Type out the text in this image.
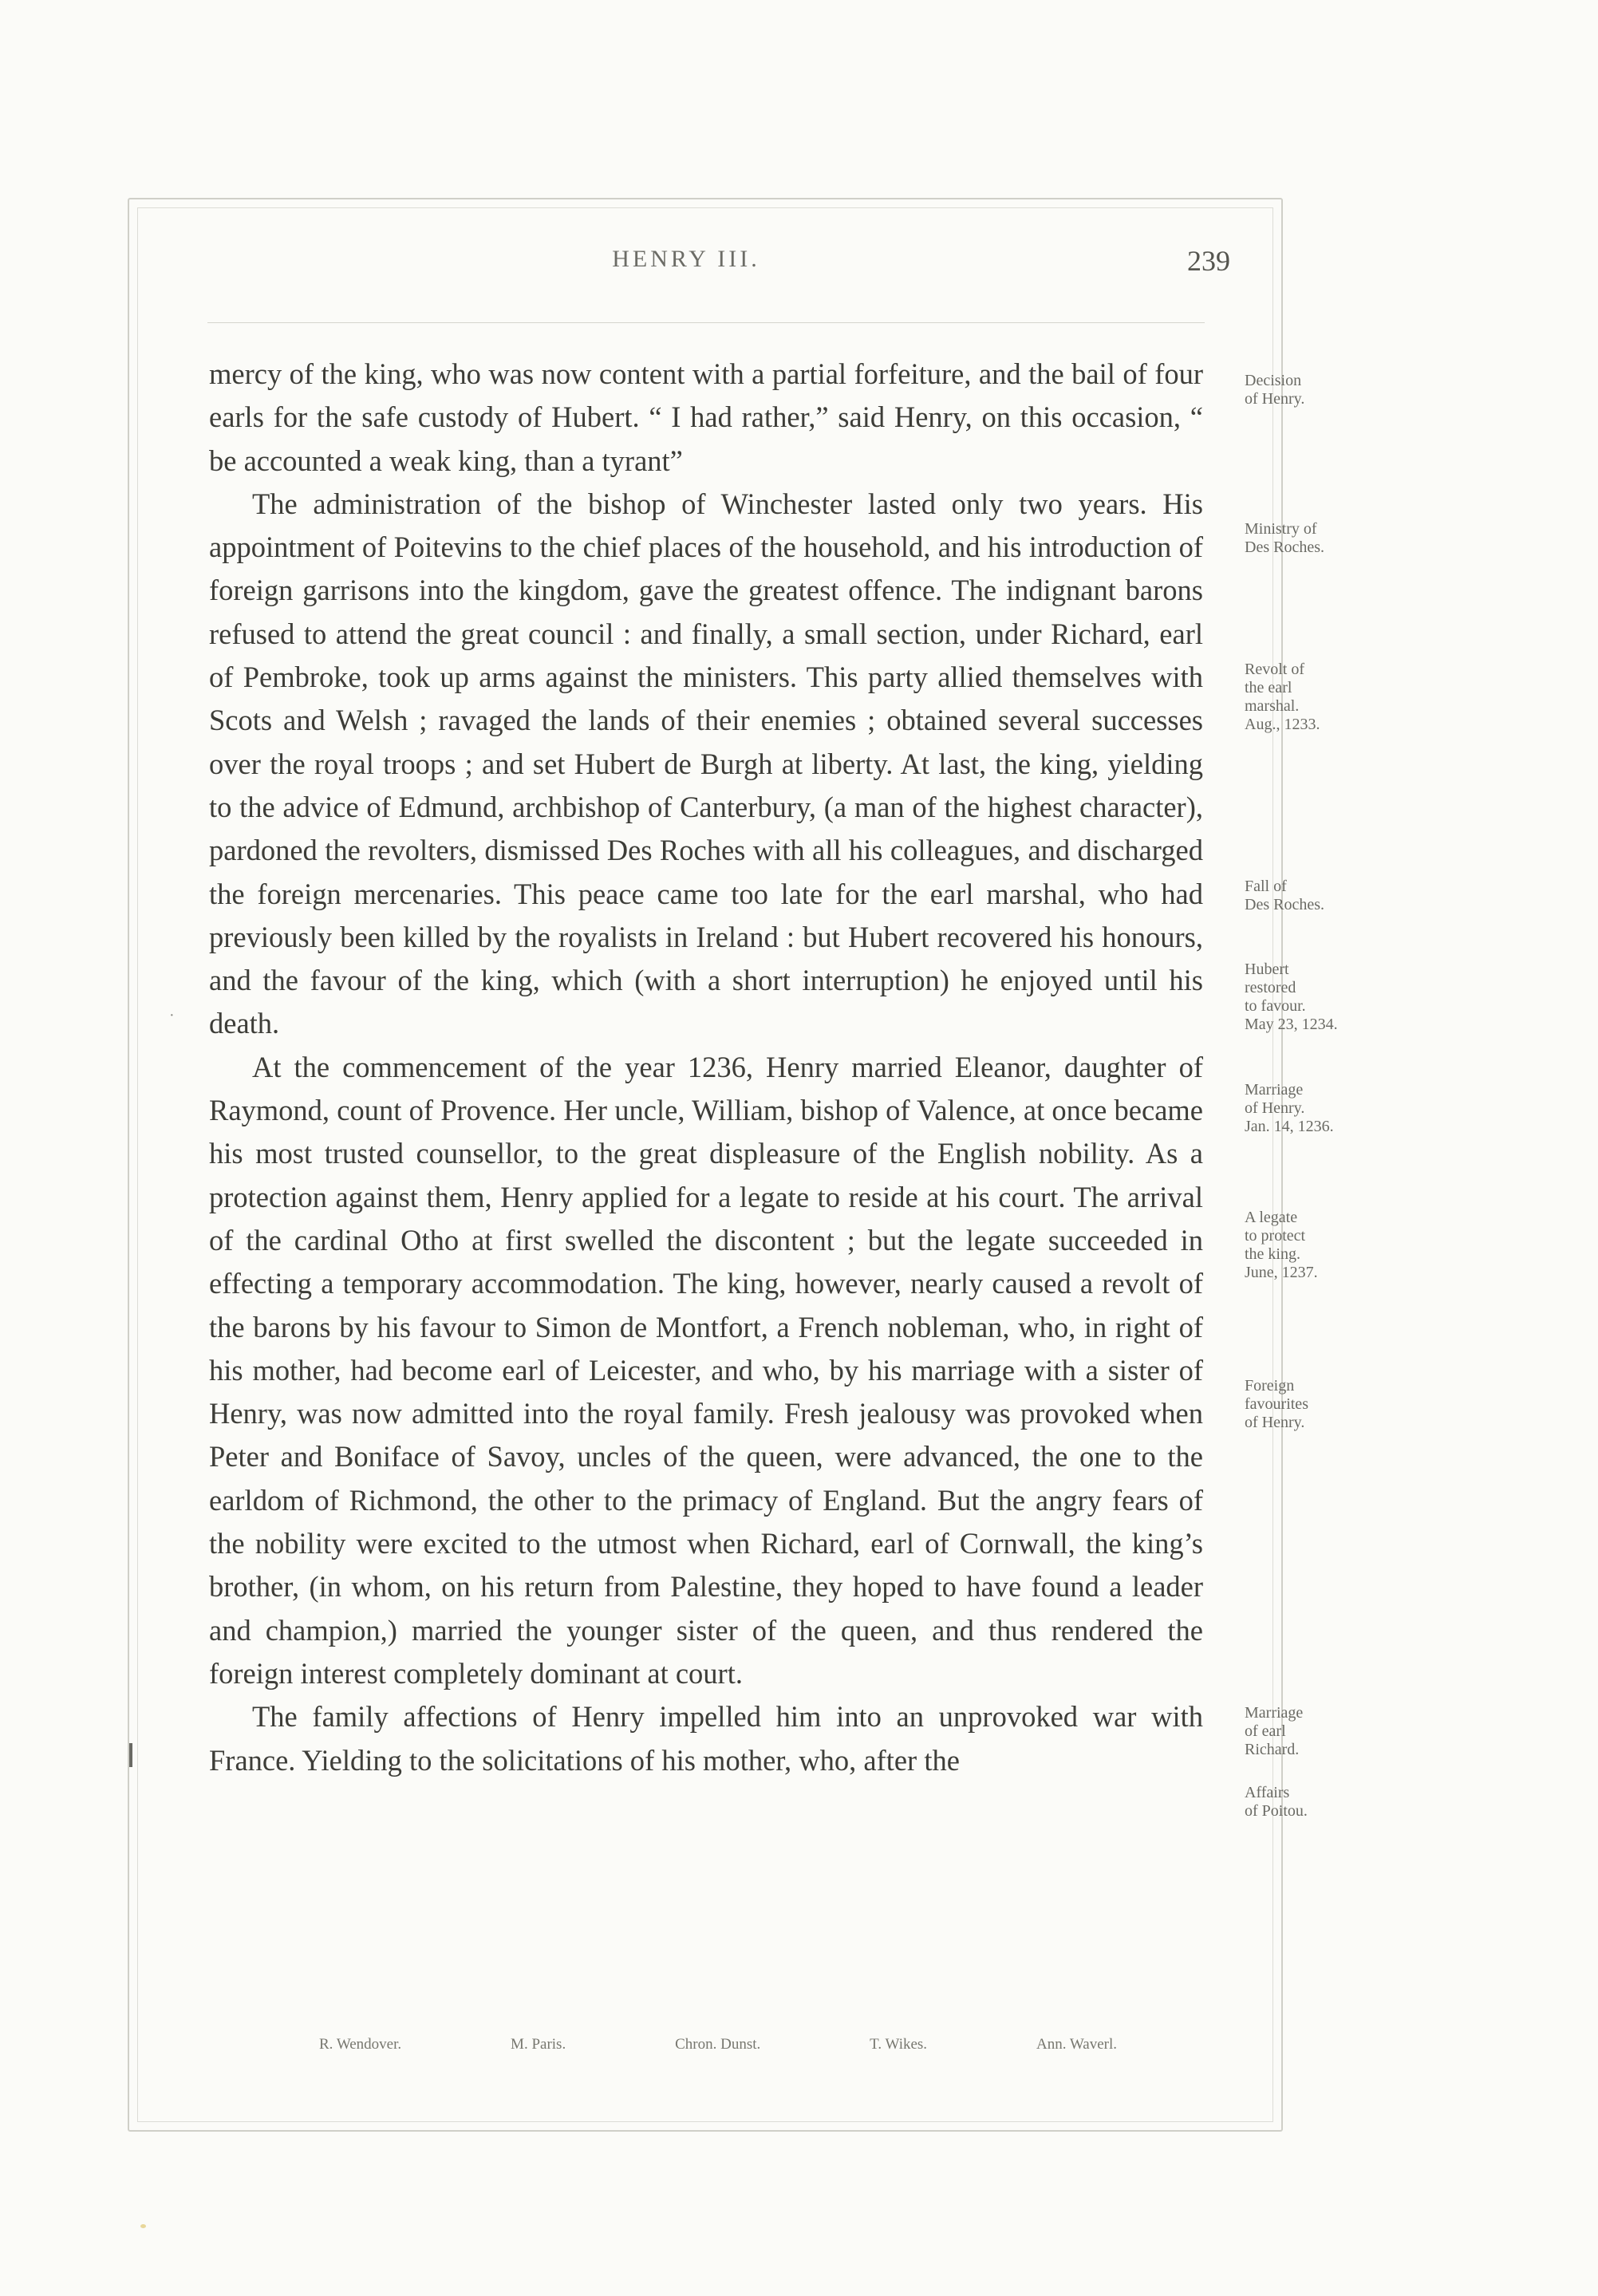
HENRY III.	239

mercy of the king, who was now content with a partial forfeiture, and the bail of four earls for the safe custody of Hubert. “ I had rather,” said Henry, on this occasion, “ be accounted a weak king, than a tyrant”

The administration of the bishop of Winchester lasted only two years. His appointment of Poitevins to the chief places of the household, and his introduction of foreign garrisons into the kingdom, gave the greatest offence. The indignant barons refused to attend the great council : and finally, a small section, under Richard, earl of Pembroke, took up arms against the ministers. This party allied themselves with Scots and Welsh ; ravaged the lands of their enemies ; obtained several successes over the royal troops ; and set Hubert de Burgh at liberty. At last, the king, yielding to the advice of Edmund, archbishop of Canterbury, (a man of the highest character), pardoned the revolters, dismissed Des Roches with all his colleagues, and discharged the foreign mercenaries. This peace came too late for the earl marshal, who had previously been killed by the royalists in Ireland : but Hubert recovered his honours, and the favour of the king, which (with a short interruption) he enjoyed until his death.

At the commencement of the year 1236, Henry married Eleanor, daughter of Raymond, count of Provence. Her uncle, William, bishop of Valence, at once became his most trusted counsellor, to the great displeasure of the English nobility. As a protection against them, Henry applied for a legate to reside at his court. The arrival of the cardinal Otho at first swelled the discontent ; but the legate succeeded in effecting a temporary accommodation. The king, however, nearly caused a revolt of the barons by his favour to Simon de Montfort, a French nobleman, who, in right of his mother, had become earl of Leicester, and who, by his marriage with a sister of Henry, was now admitted into the royal family. Fresh jealousy was provoked when Peter and Boniface of Savoy, uncles of the queen, were advanced, the one to the earldom of Richmond, the other to the primacy of England. But the angry fears of the nobility were excited to the utmost when Richard, earl of Cornwall, the king’s brother, (in whom, on his return from Palestine, they hoped to have found a leader and champion,) married the younger sister of the queen, and thus rendered the foreign interest completely dominant at court.

The family affections of Henry impelled him into an unprovoked war with France. Yielding to the solicitations of his mother, who, after the

Decision
of Henry.
Ministry of
Des Roches.
Revolt of
the earl
marshal.
Aug., 1233.
Fall of
Des Roches.
Hubert
restored
to favour.
May 23, 1234.
Marriage
of Henry.
Jan. 14, 1236.
A legate
to protect
the king.
June, 1237.
Foreign
favourites
of Henry.
Marriage
of earl
Richard.
Affairs
of Poitou.
R. Wendover.	M. Paris.	Chron. Dunst.	T. Wikes.	Ann. Waverl.
·
